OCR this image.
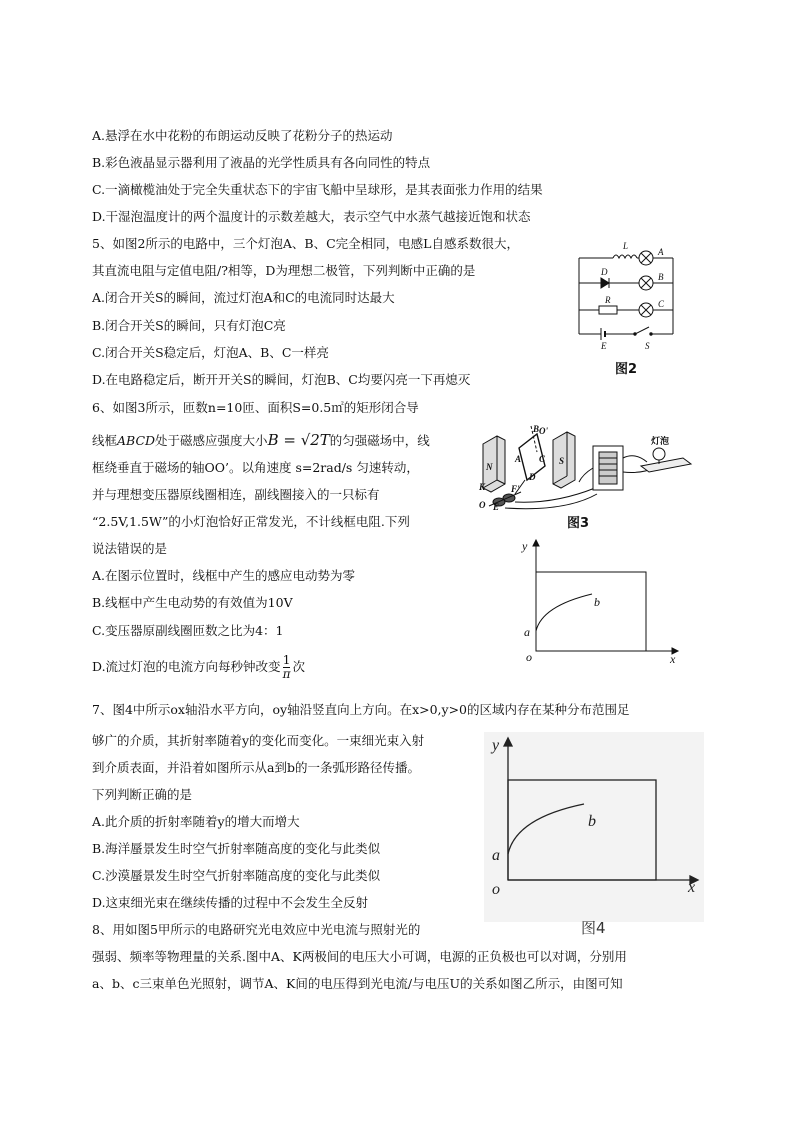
A.悬浮在水中花粉的布朗运动反映了花粉分子的热运动
B.彩色液晶显示器利用了液晶的光学性质具有各向同性的特点
C.一滴橄榄油处于完全失重状态下的宇宙飞船中呈球形，是其表面张力作用的结果
D.干湿泡温度计的两个温度计的示数差越大，表示空气中水蒸气越接近饱和状态
5、如图2所示的电路中，三个灯泡A、B、C完全相同，电感L自感系数很大，
其直流电阻与定值电阻/?相等，D为理想二极管，下列判断中正确的是
A.闭合开关S的瞬间，流过灯泡A和C的电流同时达最大
B.闭合开关S的瞬间，只有灯泡C亮
C.闭合开关S稳定后，灯泡A、B、C一样亮
D.在电路稳定后，断开开关S的瞬间，灯泡B、C均要闪亮一下再熄灭
6、如图3所示，匝数n=10匝、面积S=0.5㎡的矩形闭合导
线框ABCD处于磁感应强度大小B = √2T的匀强磁场中，线
框绕垂直于磁场的轴OO’。以角速度 s=2rad/s 匀速转动，
并与理想变压器原线圈相连，副线圈接入的一只标有
“2.5V,1.5W”的小灯泡恰好正常发光，不计线框电阻.下列
说法错误的是
A.在图示位置时，线框中产生的感应电动势为零
B.线框中产生电动势的有效值为10V
C.变压器原副线圈匝数之比为4：1
D.流过灯泡的电流方向每秒钟改变 $\frac{1}{\pi}$ 次
7、图4中所示ox轴沿水平方向，oy轴沿竖直向上方向。在x>0,y>0的区域内存在某种分布范围足
够广的介质，其折射率随着y的变化而变化。一束细光束入射
到介质表面，并沿着如图所示从a到b的一条弧形路径传播。
下列判断正确的是
A.此介质的折射率随着y的增大而增大
B.海洋蜃景发生时空气折射率随高度的变化与此类似
C.沙漠蜃景发生时空气折射率随高度的变化与此类似
D.这束细光束在继续传播的过程中不会发生全反射
8、用如图5甲所示的电路研究光电效应中光电流与照射光的
强弱、频率等物理量的关系.图中A、K两极间的电压大小可调，电源的正负极也可以对调，分别用
a、b、c三束单色光照射，调节A、K间的电压得到光电流/与电压U的关系如图乙所示，由图可知
L
A
D	B
R	C
E	S
图2
N
S
A
B
C
D
O'
K
O E
F'
灯泡
图3
y
x
o
a
b
y
x
o
a
b
图4
